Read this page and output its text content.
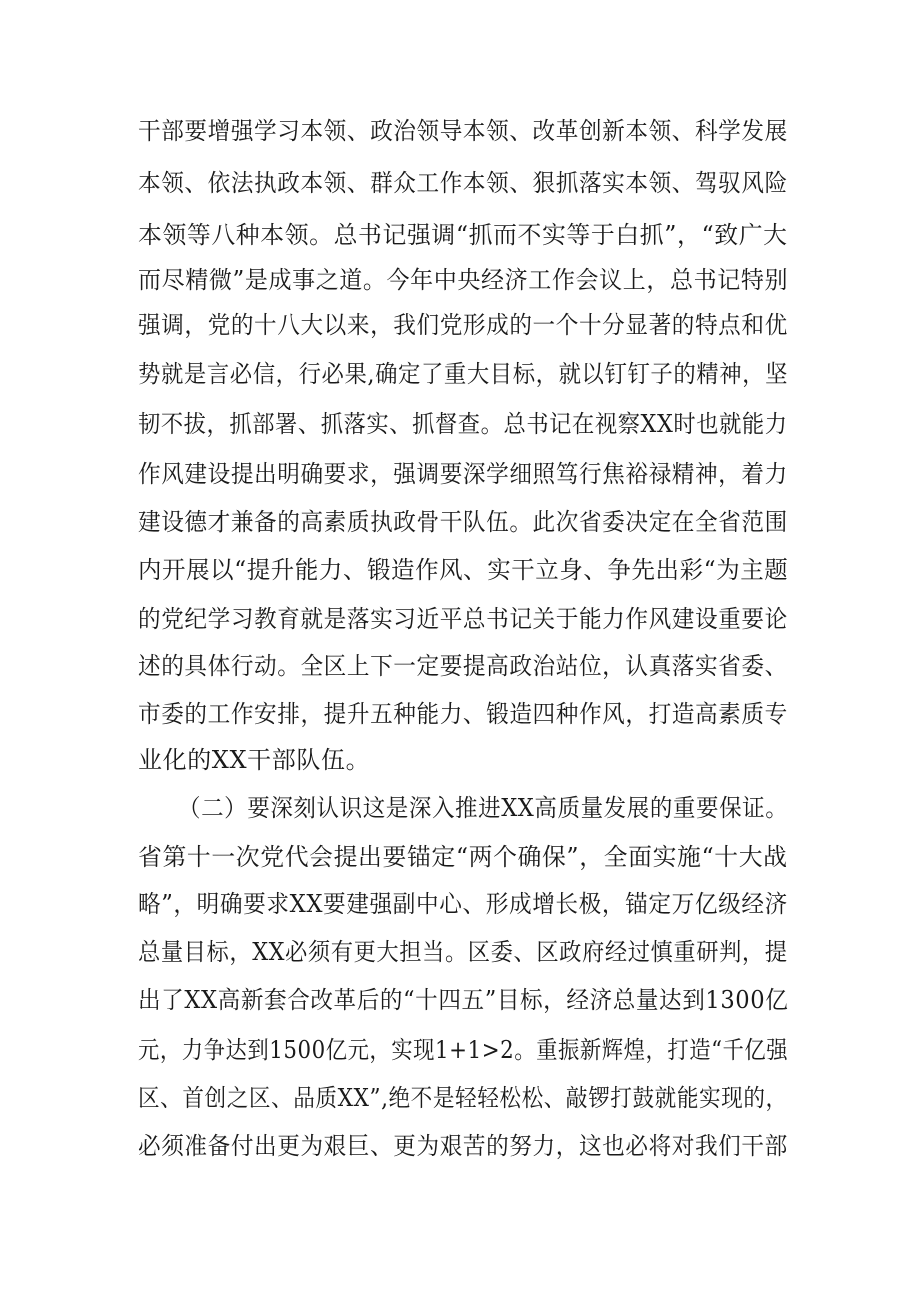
干部要增强学习本领、政治领导本领、改革创新本领、科学发展
本领、依法执政本领、群众工作本领、狠抓落实本领、驾驭风险
本领等八种本领。总书记强调“抓而不实等于白抓”，“致广大
而尽精微”是成事之道。今年中央经济工作会议上，总书记特别
强调，党的十八大以来，我们党形成的一个十分显著的特点和优
势就是言必信，行必果,确定了重大目标，就以钉钉子的精神，坚
韧不拔，抓部署、抓落实、抓督查。总书记在视察XX时也就能力
作风建设提出明确要求，强调要深学细照笃行焦裕禄精神，着力
建设德才兼备的高素质执政骨干队伍。此次省委决定在全省范围
内开展以“提升能力、锻造作风、实干立身、争先出彩“为主题
的党纪学习教育就是落实习近平总书记关于能力作风建设重要论
述的具体行动。全区上下一定要提高政治站位，认真落实省委、
市委的工作安排，提升五种能力、锻造四种作风，打造高素质专
业化的XX干部队伍。
（二）要深刻认识这是深入推进XX高质量发展的重要保证。
省第十一次党代会提出要锚定“两个确保”，全面实施“十大战
略”，明确要求XX要建强副中心、形成增长极，锚定万亿级经济
总量目标，XX必须有更大担当。区委、区政府经过慎重研判，提
出了XX高新套合改革后的“十四五”目标，经济总量达到1300亿
元，力争达到1500亿元，实现1+1>2。重振新辉煌，打造“千亿强
区、首创之区、品质XX”,绝不是轻轻松松、敲锣打鼓就能实现的，
必须准备付出更为艰巨、更为艰苦的努力，这也必将对我们干部
